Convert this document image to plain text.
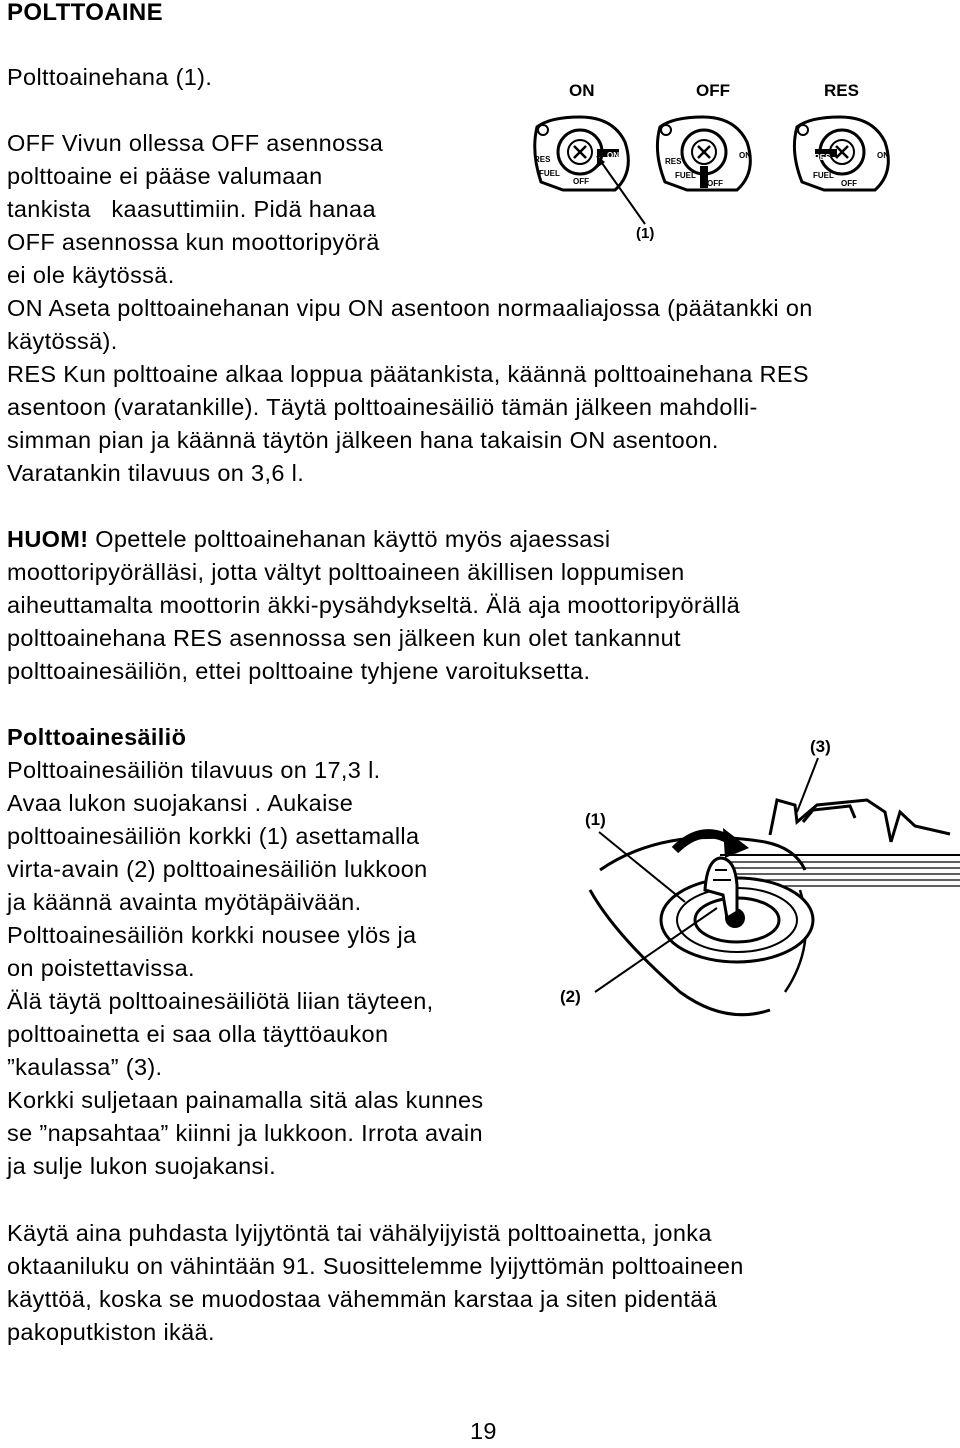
POLTTOAINE
Polttoainehana (1).
OFF Vivun ollessa OFF asennossa
polttoaine ei pääse valumaan
tankista   kaasuttimiin. Pidä hanaa
OFF asennossa kun moottoripyörä
ei ole käytössä.
ON Aseta polttoainehanan vipu ON asentoon normaaliajossa (päätankki on
käytössä).
RES Kun polttoaine alkaa loppua päätankista, käännä polttoainehana RES
asentoon (varatankille). Täytä polttoainesäiliö tämän jälkeen mahdolli-
simman pian ja käännä täytön jälkeen hana takaisin ON asentoon.
Varatankin tilavuus on 3,6 l.
HUOM! Opettele polttoainehanan käyttö myös ajaessasi
moottoripyörälläsi, jotta vältyt polttoaineen äkillisen loppumisen
aiheuttamalta moottorin äkki-pysähdykseltä. Älä aja moottoripyörällä
polttoainehana RES asennossa sen jälkeen kun olet tankannut
polttoainesäiliön, ettei polttoaine tyhjene varoituksetta.
Polttoainesäiliö
Polttoainesäiliön tilavuus on 17,3 l.
Avaa lukon suojakansi . Aukaise
polttoainesäiliön korkki (1) asettamalla
virta-avain (2) polttoainesäiliön lukkoon
ja käännä avainta myötäpäivään.
Polttoainesäiliön korkki nousee ylös ja
on poistettavissa.
Älä täytä polttoainesäiliötä liian täyteen,
polttoainetta ei saa olla täyttöaukon
”kaulassa” (3).
Korkki suljetaan painamalla sitä alas kunnes
se ”napsahtaa” kiinni ja lukkoon. Irrota avain
ja sulje lukon suojakansi.
Käytä aina puhdasta lyijytöntä tai vähälyijyistä polttoainetta, jonka
oktaaniluku on vähintään 91. Suosittelemme lyijyttömän polttoaineen
käyttöä, koska se muodostaa vähemmän karstaa ja siten pidentää
pakoputkiston ikää.
19
ON	OFF	RES
RES	ON
FUEL
OFF
RES
ON
FUEL
OFF
RES	ON
FUEL
OFF
(1)
(3)
(1)
(2)
